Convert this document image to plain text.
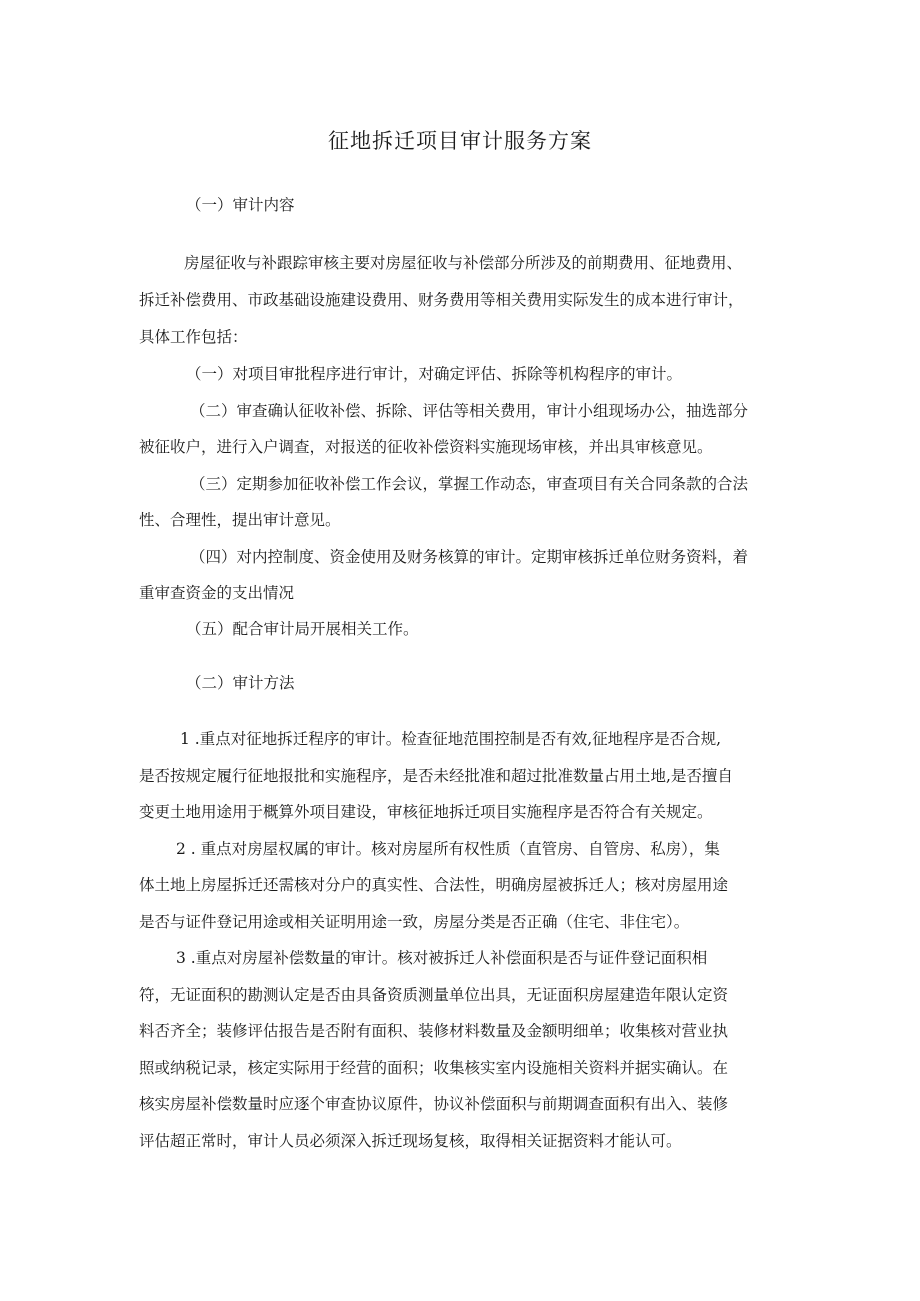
征地拆迁项目审计服务方案
（一）审计内容
房屋征收与补跟踪审核主要对房屋征收与补偿部分所涉及的前期费用、征地费用、
拆迁补偿费用、市政基础设施建设费用、财务费用等相关费用实际发生的成本进行审计，
具体工作包括：
（一）对项目审批程序进行审计，对确定评估、拆除等机构程序的审计。
（二）审查确认征收补偿、拆除、评估等相关费用，审计小组现场办公，抽选部分
被征收户，进行入户调查，对报送的征收补偿资料实施现场审核，并出具审核意见。
（三）定期参加征收补偿工作会议，掌握工作动态，审查项目有关合同条款的合法
性、合理性，提出审计意见。
（四）对内控制度、资金使用及财务核算的审计。定期审核拆迁单位财务资料，着
重审查资金的支出情况
（五）配合审计局开展相关工作。
（二）审计方法
1 .重点对征地拆迁程序的审计。检查征地范围控制是否有效,征地程序是否合规,
是否按规定履行征地报批和实施程序，是否未经批准和超过批准数量占用土地,是否擅自
变更土地用途用于概算外项目建设，审核征地拆迁项目实施程序是否符合有关规定。
2 . 重点对房屋权属的审计。核对房屋所有权性质（直管房、自管房、私房），集
体土地上房屋拆迁还需核对分户的真实性、合法性，明确房屋被拆迁人；核对房屋用途
是否与证件登记用途或相关证明用途一致，房屋分类是否正确（住宅、非住宅）。
3 .重点对房屋补偿数量的审计。核对被拆迁人补偿面积是否与证件登记面积相
符，无证面积的勘测认定是否由具备资质测量单位出具，无证面积房屋建造年限认定资
料否齐全；装修评估报告是否附有面积、装修材料数量及金额明细单；收集核对营业执
照或纳税记录，核定实际用于经营的面积；收集核实室内设施相关资料并据实确认。在
核实房屋补偿数量时应逐个审查协议原件，协议补偿面积与前期调查面积有出入、装修
评估超正常时，审计人员必须深入拆迁现场复核，取得相关证据资料才能认可。
